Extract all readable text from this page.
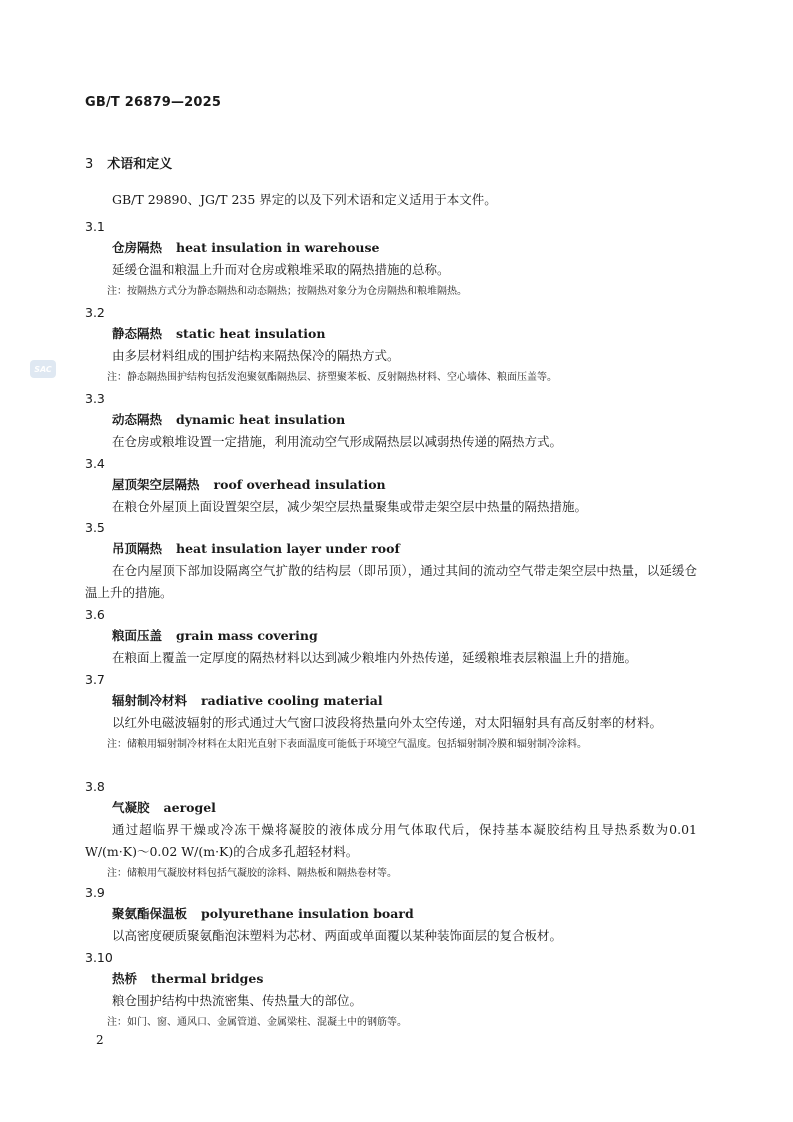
GB/T 26879—2025
3 术语和定义
GB/T 29890、JG/T 235 界定的以及下列术语和定义适用于本文件。
SAC
3.1
仓房隔热 heat insulation in warehouse
延缓仓温和粮温上升而对仓房或粮堆采取的隔热措施的总称。
注：按隔热方式分为静态隔热和动态隔热；按隔热对象分为仓房隔热和粮堆隔热。
3.2
静态隔热 static heat insulation
由多层材料组成的围护结构来隔热保冷的隔热方式。
注：静态隔热围护结构包括发泡聚氨酯隔热层、挤塑聚苯板、反射隔热材料、空心墙体、粮面压盖等。
3.3
动态隔热 dynamic heat insulation
在仓房或粮堆设置一定措施，利用流动空气形成隔热层以减弱热传递的隔热方式。
3.4
屋顶架空层隔热 roof overhead insulation
在粮仓外屋顶上面设置架空层，减少架空层热量聚集或带走架空层中热量的隔热措施。
3.5
吊顶隔热 heat insulation layer under roof
在仓内屋顶下部加设隔离空气扩散的结构层（即吊顶），通过其间的流动空气带走架空层中热量，以延缓仓温上升的措施。
3.6
粮面压盖 grain mass covering
在粮面上覆盖一定厚度的隔热材料以达到减少粮堆内外热传递，延缓粮堆表层粮温上升的措施。
3.7
辐射制冷材料 radiative cooling material
以红外电磁波辐射的形式通过大气窗口波段将热量向外太空传递，对太阳辐射具有高反射率的材料。
注：储粮用辐射制冷材料在太阳光直射下表面温度可能低于环境空气温度。包括辐射制冷膜和辐射制冷涂料。
3.8
气凝胶 aerogel
通过超临界干燥或冷冻干燥将凝胶的液体成分用气体取代后，保持基本凝胶结构且导热系数为0.01 W/(m·K)～0.02 W/(m·K)的合成多孔超轻材料。
注：储粮用气凝胶材料包括气凝胶的涂料、隔热板和隔热卷材等。
3.9
聚氨酯保温板 polyurethane insulation board
以高密度硬质聚氨酯泡沫塑料为芯材、两面或单面覆以某种装饰面层的复合板材。
3.10
热桥 thermal bridges
粮仓围护结构中热流密集、传热量大的部位。
注：如门、窗、通风口、金属管道、金属梁柱、混凝土中的钢筋等。
2
